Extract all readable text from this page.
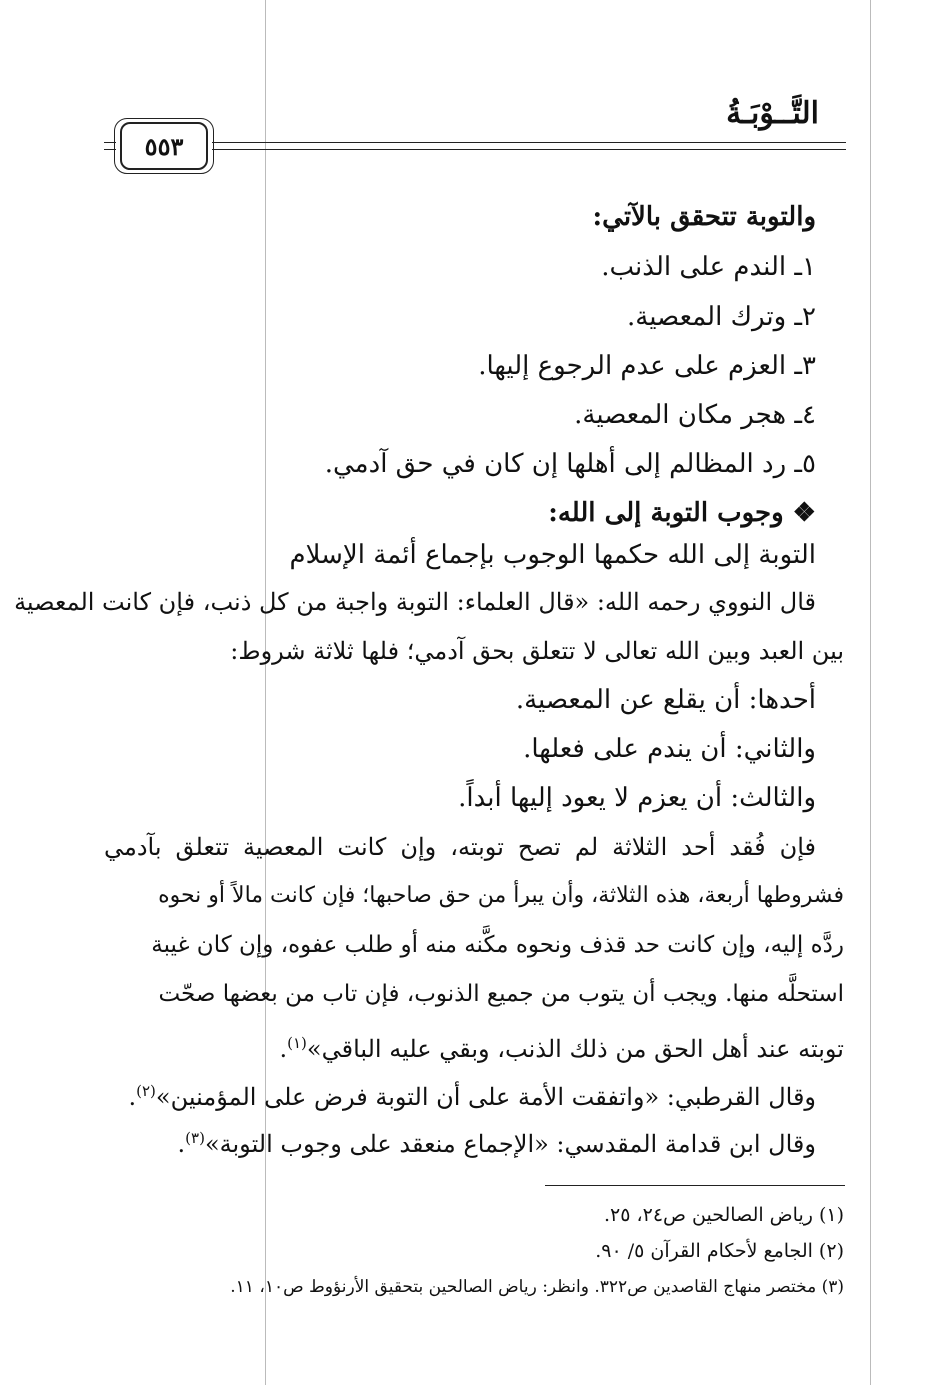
التَّــوْبَـةُ
٥٥٣
والتوبة تتحقق بالآتي:
١ـ الندم على الذنب.
٢ـ وترك المعصية.
٣ـ العزم على عدم الرجوع إليها.
٤ـ هجر مكان المعصية.
٥ـ رد المظالم إلى أهلها إن كان في حق آدمي.
❖ وجوب التوبة إلى الله:
التوبة إلى الله حكمها الوجوب بإجماع أئمة الإسلام
قال النووي رحمه الله: «قال العلماء: التوبة واجبة من كل ذنب، فإن كانت المعصية
بين العبد وبين الله تعالى لا تتعلق بحق آدمي؛ فلها ثلاثة شروط:
أحدها: أن يقلع عن المعصية.
والثاني: أن يندم على فعلها.
والثالث: أن يعزم لا يعود إليها أبداً.
فإن فُقد أحد الثلاثة لم تصح توبته، وإن كانت المعصية تتعلق بآدمي
فشروطها أربعة، هذه الثلاثة، وأن يبرأ من حق صاحبها؛ فإن كانت مالاً أو نحوه
ردَّه إليه، وإن كانت حد قذف ونحوه مكَّنه منه أو طلب عفوه، وإن كان غيبة
استحلَّه منها. ويجب أن يتوب من جميع الذنوب، فإن تاب من بعضها صحّت
توبته عند أهل الحق من ذلك الذنب، وبقي عليه الباقي»$^{(١)}$.
وقال القرطبي: «واتفقت الأمة على أن التوبة فرض على المؤمنين»$^{(٢)}$.
وقال ابن قدامة المقدسي: «الإجماع منعقد على وجوب التوبة»$^{(٣)}$.
(١) رياض الصالحين ص٢٤، ٢٥.
(٢) الجامع لأحكام القرآن ٥/ ٩٠.
(٣) مختصر منهاج القاصدين ص٣٢٢. وانظر: رياض الصالحين بتحقيق الأرنؤوط ص١٠، ١١.
